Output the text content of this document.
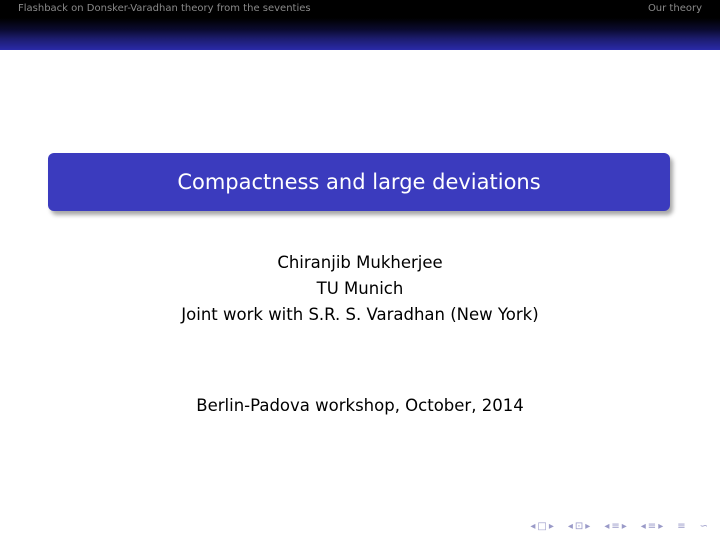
Flashback on Donsker-Varadhan theory from the seventies	Our theory
Compactness and large deviations
Chiranjib Mukherjee
TU Munich
Joint work with S.R. S. Varadhan (New York)
Berlin-Padova workshop, October, 2014
◂ □ ▸ ◂ ⊡ ▸ ◂ ≡ ▸ ◂ ≡ ▸ ≡ ∽
